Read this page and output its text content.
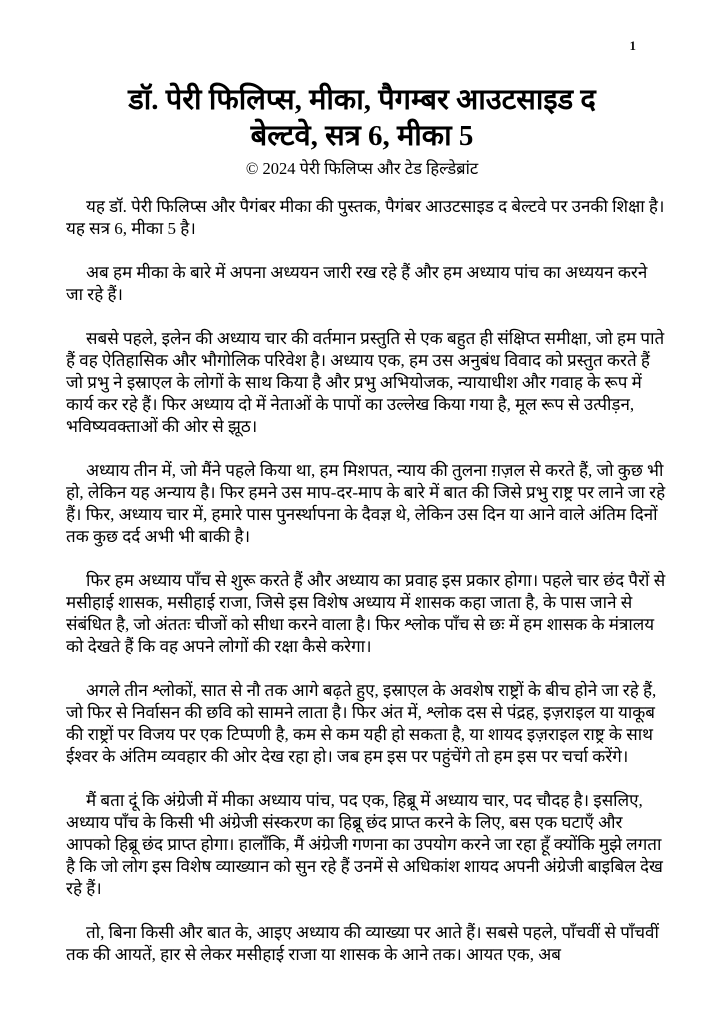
1
डॉ. पेरी फिलिप्स, मीका, पैगम्बर आउटसाइड द
बेल्टवे, सत्र 6, मीका 5
© 2024 पेरी फिलिप्स और टेड हिल्डेब्रांट

यह डॉ. पेरी फिलिप्स और पैगंबर मीका की पुस्तक, पैगंबर आउटसाइड द बेल्टवे पर उनकी शिक्षा है। यह सत्र 6, मीका 5 है।

अब हम मीका के बारे में अपना अध्ययन जारी रख रहे हैं और हम अध्याय पांच का अध्ययन करने जा रहे हैं।

सबसे पहले, इलेन की अध्याय चार की वर्तमान प्रस्तुति से एक बहुत ही संक्षिप्त समीक्षा, जो हम पाते हैं वह ऐतिहासिक और भौगोलिक परिवेश है। अध्याय एक, हम उस अनुबंध विवाद को प्रस्तुत करते हैं जो प्रभु ने इस्राएल के लोगों के साथ किया है और प्रभु अभियोजक, न्यायाधीश और गवाह के रूप में कार्य कर रहे हैं। फिर अध्याय दो में नेताओं के पापों का उल्लेख किया गया है, मूल रूप से उत्पीड़न, भविष्यवक्ताओं की ओर से झूठ।

अध्याय तीन में, जो मैंने पहले किया था, हम मिशपत, न्याय की तुलना ग़ज़ल से करते हैं, जो कुछ भी हो, लेकिन यह अन्याय है। फिर हमने उस माप-दर-माप के बारे में बात की जिसे प्रभु राष्ट्र पर लाने जा रहे हैं। फिर, अध्याय चार में, हमारे पास पुनर्स्थापना के दैवज्ञ थे, लेकिन उस दिन या आने वाले अंतिम दिनों तक कुछ दर्द अभी भी बाकी है।

फिर हम अध्याय पाँच से शुरू करते हैं और अध्याय का प्रवाह इस प्रकार होगा। पहले चार छंद पैरों से मसीहाई शासक, मसीहाई राजा, जिसे इस विशेष अध्याय में शासक कहा जाता है, के पास जाने से संबंधित है, जो अंततः चीजों को सीधा करने वाला है। फिर श्लोक पाँच से छः में हम शासक के मंत्रालय को देखते हैं कि वह अपने लोगों की रक्षा कैसे करेगा।

अगले तीन श्लोकों, सात से नौ तक आगे बढ़ते हुए, इस्राएल के अवशेष राष्ट्रों के बीच होने जा रहे हैं, जो फिर से निर्वासन की छवि को सामने लाता है। फिर अंत में, श्लोक दस से पंद्रह, इज़राइल या याकूब की राष्ट्रों पर विजय पर एक टिप्पणी है, कम से कम यही हो सकता है, या शायद इज़राइल राष्ट्र के साथ ईश्वर के अंतिम व्यवहार की ओर देख रहा हो। जब हम इस पर पहुंचेंगे तो हम इस पर चर्चा करेंगे।

मैं बता दूं कि अंग्रेजी में मीका अध्याय पांच, पद एक, हिब्रू में अध्याय चार, पद चौदह है। इसलिए, अध्याय पाँच के किसी भी अंग्रेजी संस्करण का हिब्रू छंद प्राप्त करने के लिए, बस एक घटाएँ और आपको हिब्रू छंद प्राप्त होगा। हालाँकि, मैं अंग्रेजी गणना का उपयोग करने जा रहा हूँ क्योंकि मुझे लगता है कि जो लोग इस विशेष व्याख्यान को सुन रहे हैं उनमें से अधिकांश शायद अपनी अंग्रेजी बाइबिल देख रहे हैं।

तो, बिना किसी और बात के, आइए अध्याय की व्याख्या पर आते हैं। सबसे पहले, पाँचवीं से पाँचवीं तक की आयतें, हार से लेकर मसीहाई राजा या शासक के आने तक। आयत एक, अब
